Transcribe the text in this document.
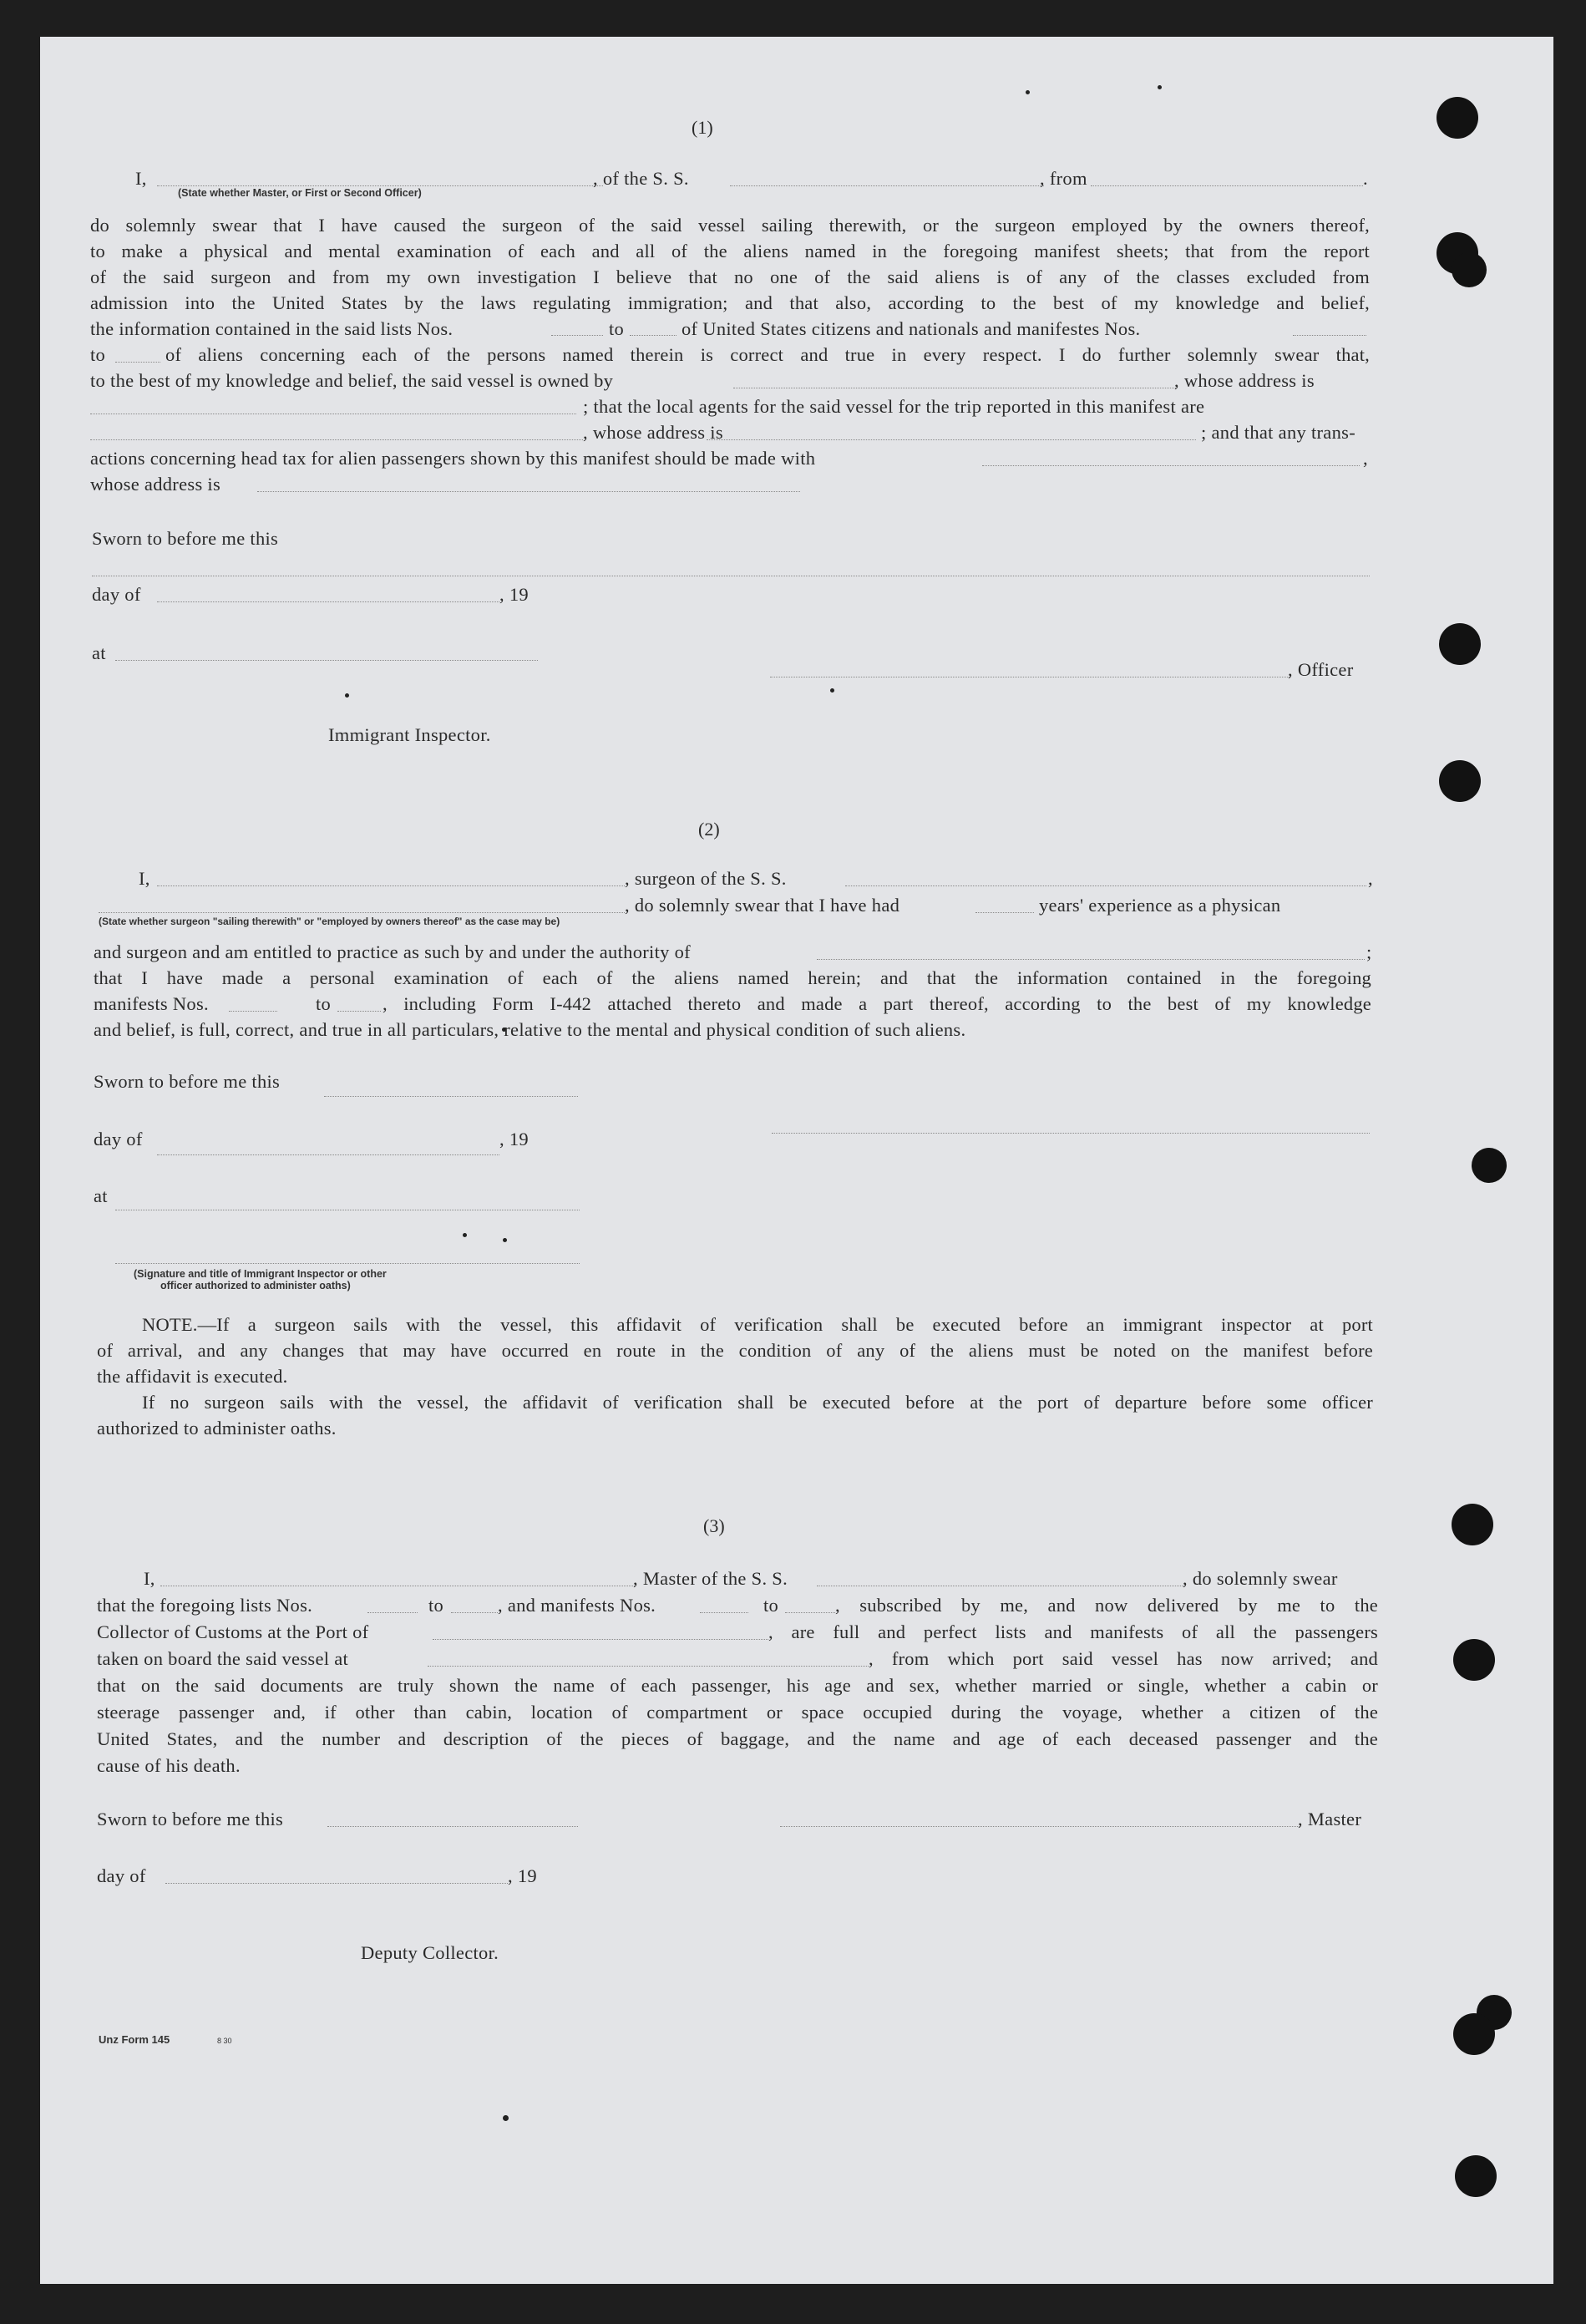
(1)
I,	, of the S. S.	, from	.
(State whether Master, or First or Second Officer)
do solemnly swear that I have caused the surgeon of the said vessel sailing therewith, or the surgeon employed by the owners thereof,
to make a physical and mental examination of each and all of the aliens named in the foregoing manifest sheets; that from the report
of the said surgeon and from my own investigation I believe that no one of the said aliens is of any of the classes excluded from
admission into the United States by the laws regulating immigration; and that also, according to the best of my knowledge and belief,
the information contained in the said lists Nos.	to	of United States citizens and nationals and manifestes Nos.
to	of aliens concerning each of the persons named therein is correct and true in every respect. I do further solemnly swear that,
to the best of my knowledge and belief, the said vessel is owned by	, whose address is
; that the local agents for the said vessel for the trip reported in this manifest are
, whose address is	; and that any trans-
actions concerning head tax for alien passengers shown by this manifest should be made with	,
whose address is
Sworn to before me this
day of	, 19
at
, Officer
Immigrant Inspector.
(2)
I,	, surgeon of the S. S.	,
, do solemnly swear that I have had	years' experience as a physican
(State whether surgeon "sailing therewith" or "employed by owners thereof" as the case may be)
and surgeon and am entitled to practice as such by and under the authority of	;
that I have made a personal examination of each of the aliens named herein; and that the information contained in the foregoing
manifests Nos.	to	, including Form I-442 attached thereto and made a part thereof, according to the best of my knowledge
and belief, is full, correct, and true in all particulars, relative to the mental and physical condition of such aliens.
Sworn to before me this
day of	, 19
at
(Signature and title of Immigrant Inspector or other
officer authorized to administer oaths)
NOTE.—If a surgeon sails with the vessel, this affidavit of verification shall be executed before an immigrant inspector at port
of arrival, and any changes that may have occurred en route in the condition of any of the aliens must be noted on the manifest before
the affidavit is executed.
If no surgeon sails with the vessel, the affidavit of verification shall be executed before at the port of departure before some officer
authorized to administer oaths.
(3)
I,	, Master of the S. S.	, do solemnly swear
that the foregoing lists Nos.	to	, and manifests Nos.	to	, subscribed by me, and now delivered by me to the
Collector of Customs at the Port of	, are full and perfect lists and manifests of all the passengers
taken on board the said vessel at	, from which port said vessel has now arrived; and
that on the said documents are truly shown the name of each passenger, his age and sex, whether married or single, whether a cabin or
steerage passenger and, if other than cabin, location of compartment or space occupied during the voyage, whether a citizen of the
United States, and the number and description of the pieces of baggage, and the name and age of each deceased passenger and the
cause of his death.
Sworn to before me this	, Master
day of	, 19
Deputy Collector.
Unz Form 145	8 30
